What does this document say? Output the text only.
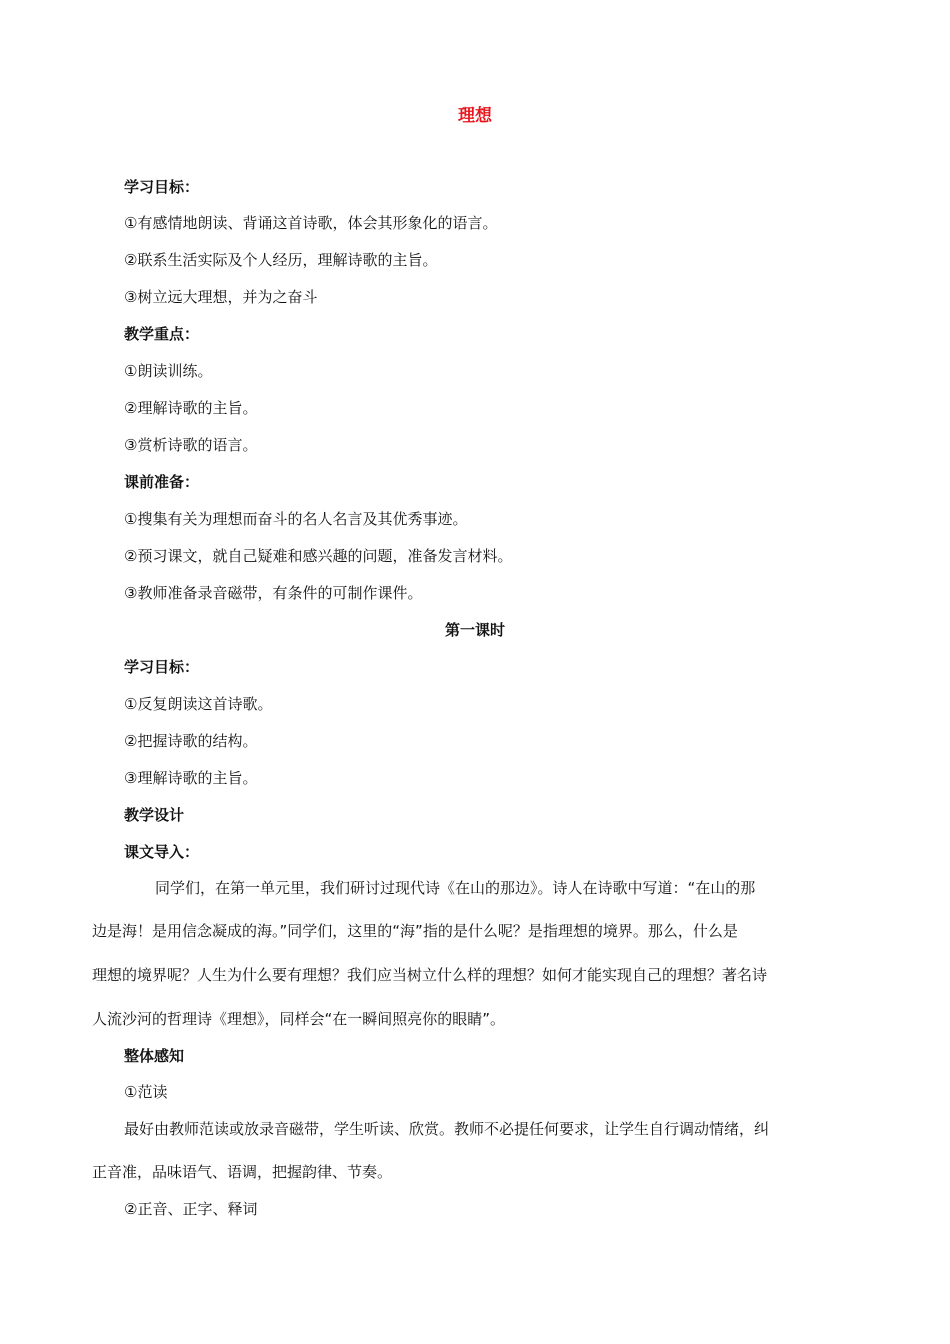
理想
学习目标：
①有感情地朗读、背诵这首诗歌，体会其形象化的语言。
②联系生活实际及个人经历，理解诗歌的主旨。
③树立远大理想，并为之奋斗
教学重点：
①朗读训练。
②理解诗歌的主旨。
③赏析诗歌的语言。
课前准备：
①搜集有关为理想而奋斗的名人名言及其优秀事迹。
②预习课文，就自己疑难和感兴趣的问题，准备发言材料。
③教师准备录音磁带，有条件的可制作课件。
第一课时
学习目标：
①反复朗读这首诗歌。
②把握诗歌的结构。
③理解诗歌的主旨。
教学设计
课文导入：
同学们，在第一单元里，我们研讨过现代诗《在山的那边》。诗人在诗歌中写道：“在山的那
边是海！是用信念凝成的海。”同学们，这里的“海”指的是什么呢？是指理想的境界。那么，什么是
理想的境界呢？人生为什么要有理想？我们应当树立什么样的理想？如何才能实现自己的理想？著名诗
人流沙河的哲理诗《理想》，同样会“在一瞬间照亮你的眼睛”。
整体感知
①范读
最好由教师范读或放录音磁带，学生听读、欣赏。教师不必提任何要求，让学生自行调动情绪，纠
正音准，品味语气、语调，把握韵律、节奏。
②正音、正字、释词
